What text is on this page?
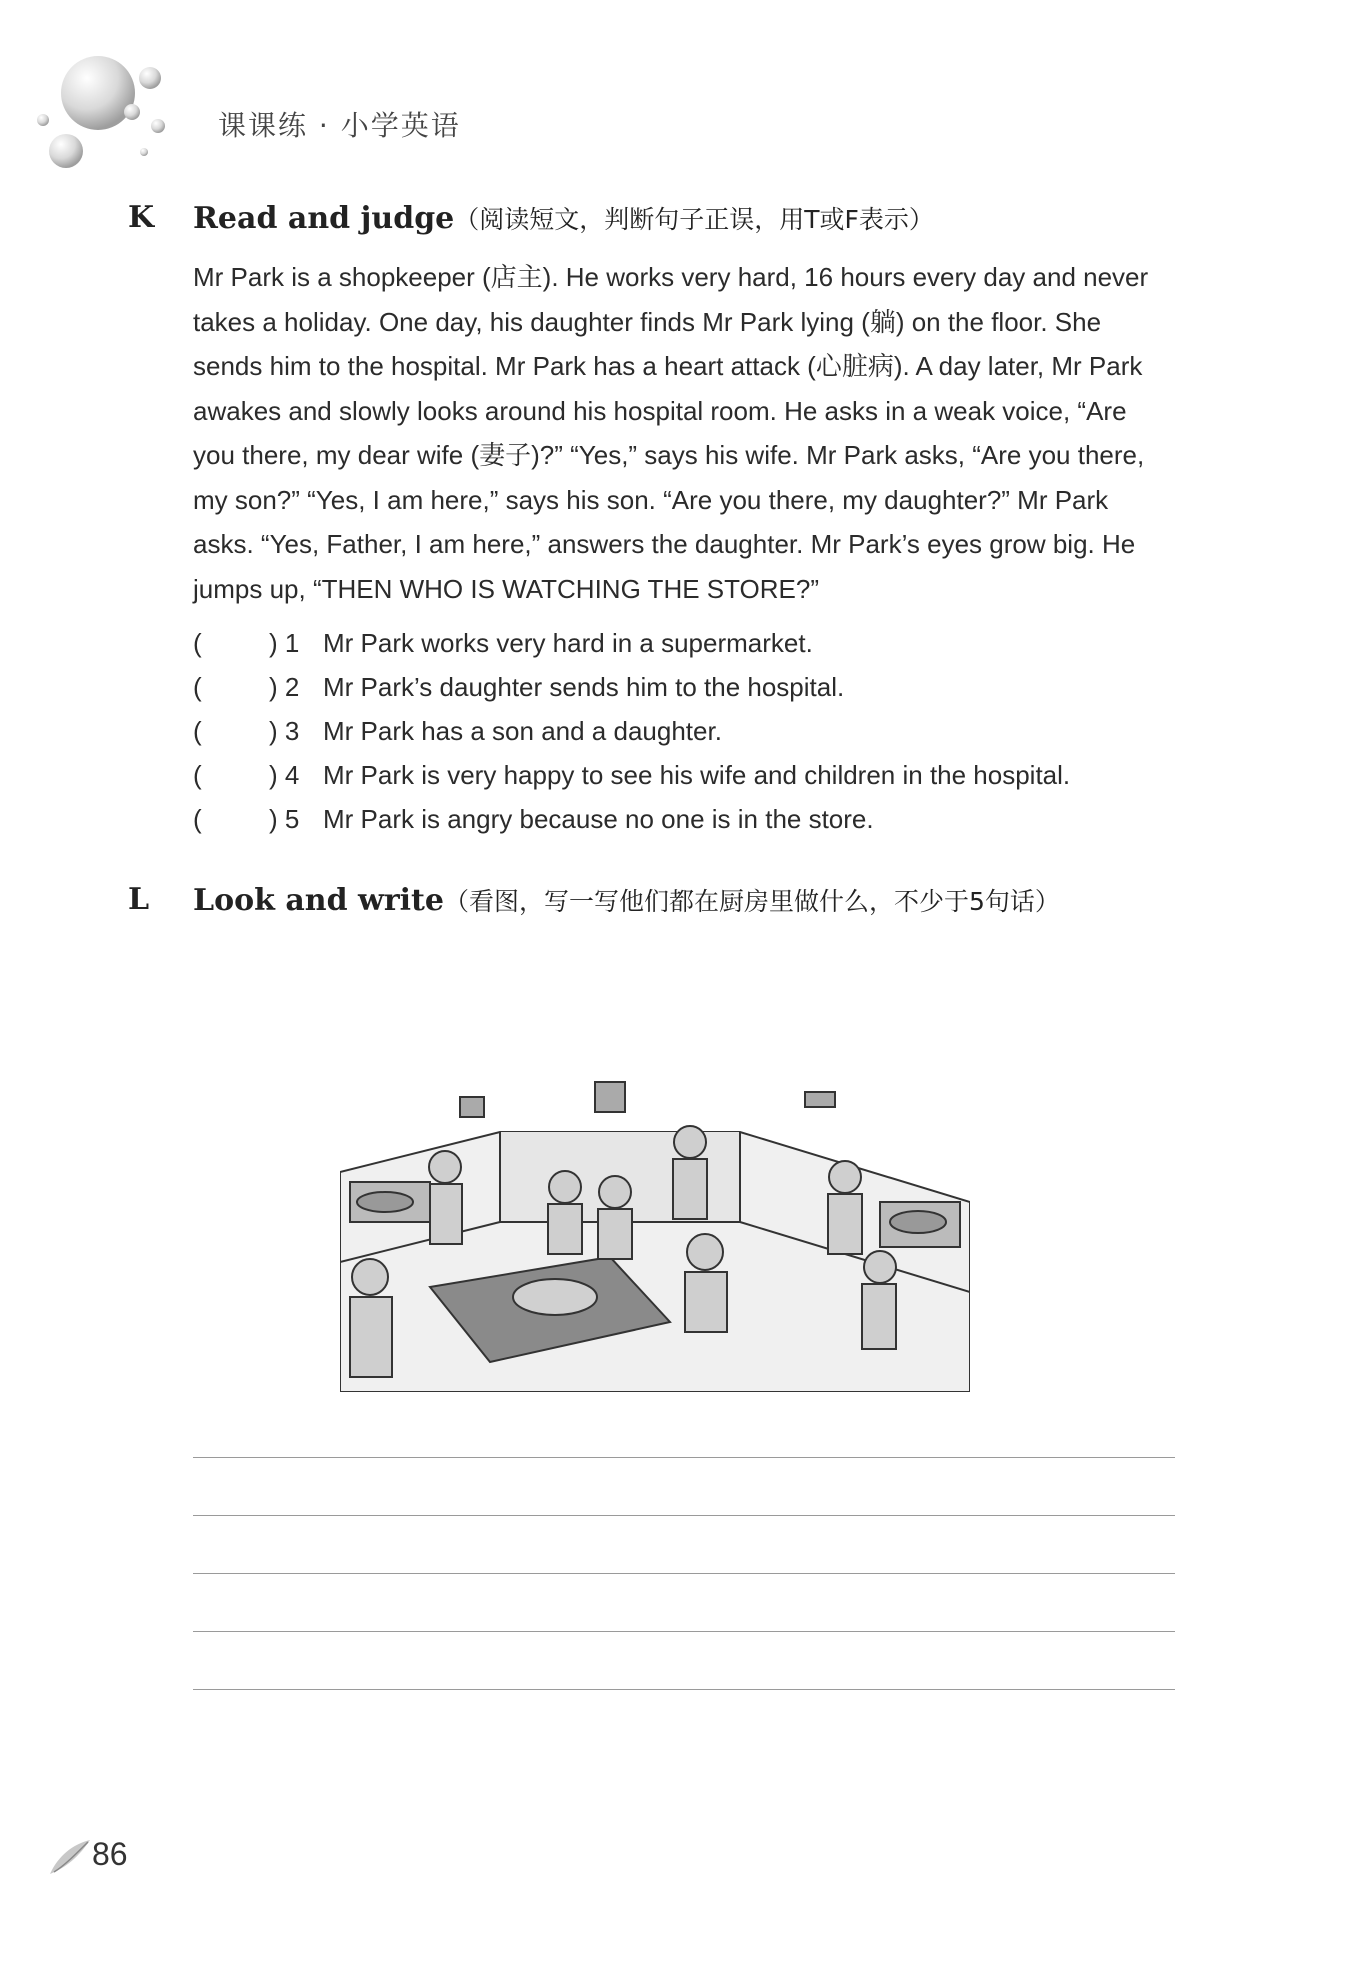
课课练 · 小学英语
K Read and judge（阅读短文，判断句子正误，用T或F表示）

Mr Park is a shopkeeper (店主). He works very hard, 16 hours every day and never takes a holiday. One day, his daughter finds Mr Park lying (躺) on the floor. She sends him to the hospital. Mr Park has a heart attack (心脏病). A day later, Mr Park awakes and slowly looks around his hospital room. He asks in a weak voice, “Are you there, my dear wife (妻子)?” “Yes,” says his wife. Mr Park asks, “Are you there, my son?” “Yes, I am here,” says his son. “Are you there, my daughter?” Mr Park asks. “Yes, Father, I am here,” answers the daughter. Mr Park’s eyes grow big. He jumps up, “THEN WHO IS WATCHING THE STORE?”

(	) 1 Mr Park works very hard in a supermarket.
(	) 2 Mr Park’s daughter sends him to the hospital.
(	) 3 Mr Park has a son and a daughter.
(	) 4 Mr Park is very happy to see his wife and children in the hospital.
(	) 5 Mr Park is angry because no one is in the store.
L Look and write（看图，写一写他们都在厨房里做什么，不少于5句话）
86
